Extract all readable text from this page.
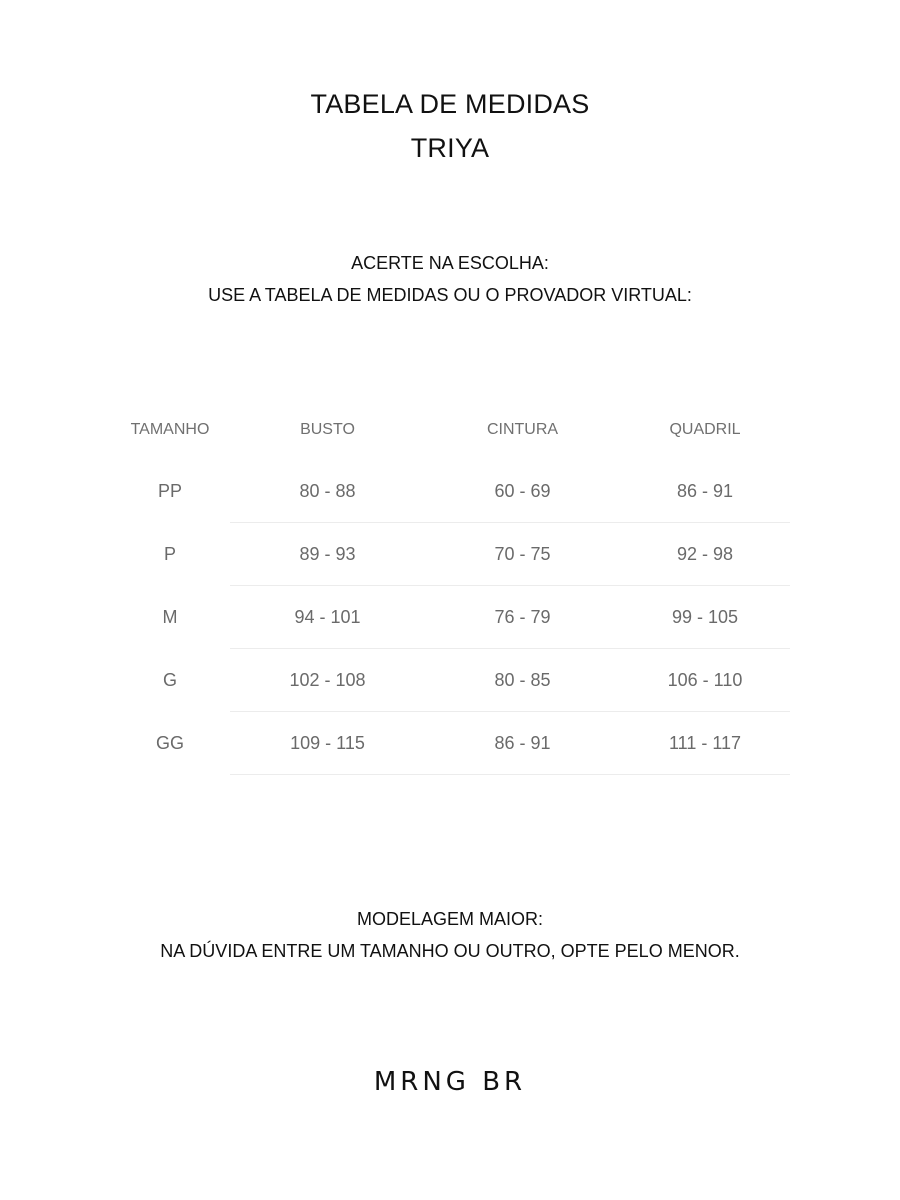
TABELA DE MEDIDAS
TRIYA
ACERTE NA ESCOLHA:
USE A TABELA DE MEDIDAS OU O PROVADOR VIRTUAL:
TAMANHO	BUSTO	CINTURA	QUADRIL
PP	80 - 88	60 - 69	86 - 91
P	89 - 93	70 - 75	92 - 98
M	94 - 101	76 - 79	99 - 105
G	102 - 108	80 - 85	106 - 110
GG	109 - 115	86 - 91	111 - 117
MODELAGEM MAIOR:
NA DÚVIDA ENTRE UM TAMANHO OU OUTRO, OPTE PELO MENOR.
MRNG BR
